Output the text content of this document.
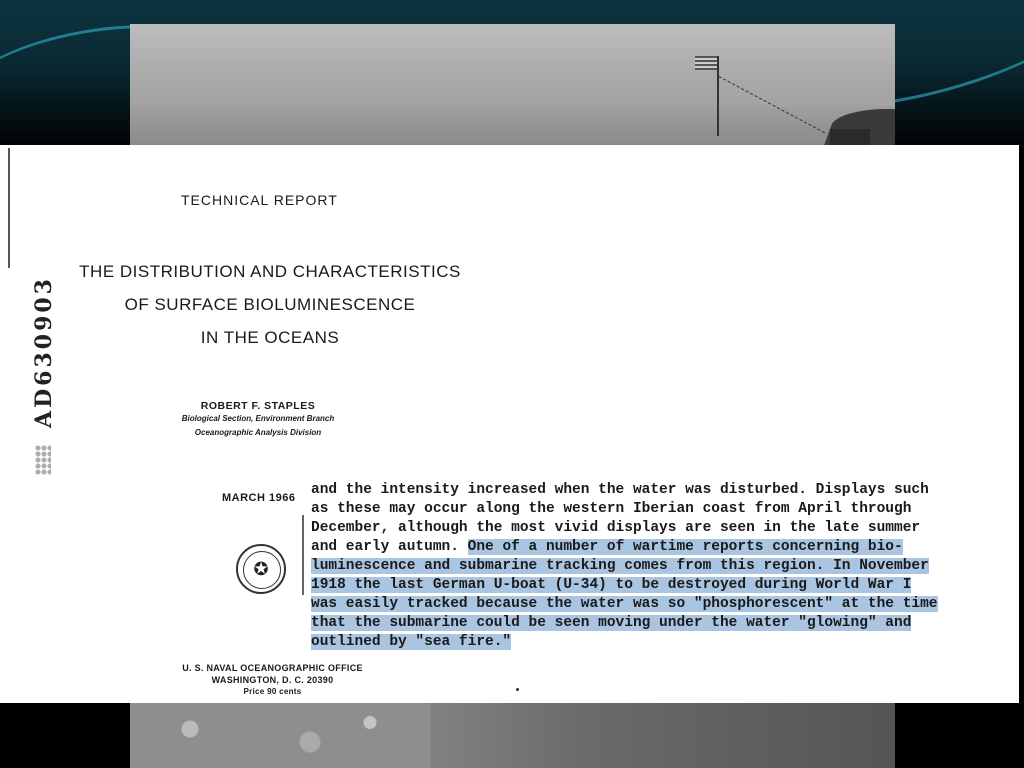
AD630903
TECHNICAL REPORT
THE DISTRIBUTION AND CHARACTERISTICS
OF SURFACE BIOLUMINESCENCE
IN THE OCEANS
ROBERT F. STAPLES
Biological Section, Environment Branch
Oceanographic Analysis Division
MARCH 1966
✪
U. S. NAVAL OCEANOGRAPHIC OFFICE
WASHINGTON, D. C. 20390
Price 90 cents
and the intensity increased when the water was disturbed. Displays such
as these may occur along the western Iberian coast from April through
December, although the most vivid displays are seen in the late summer
and early autumn. One of a number of wartime reports concerning bio-
luminescence and submarine tracking comes from this region. In November
1918 the last German U-boat (U-34) to be destroyed during World War I
was easily tracked because the water was so "phosphorescent" at the time
that the submarine could be seen moving under the water "glowing" and
outlined by "sea fire."
